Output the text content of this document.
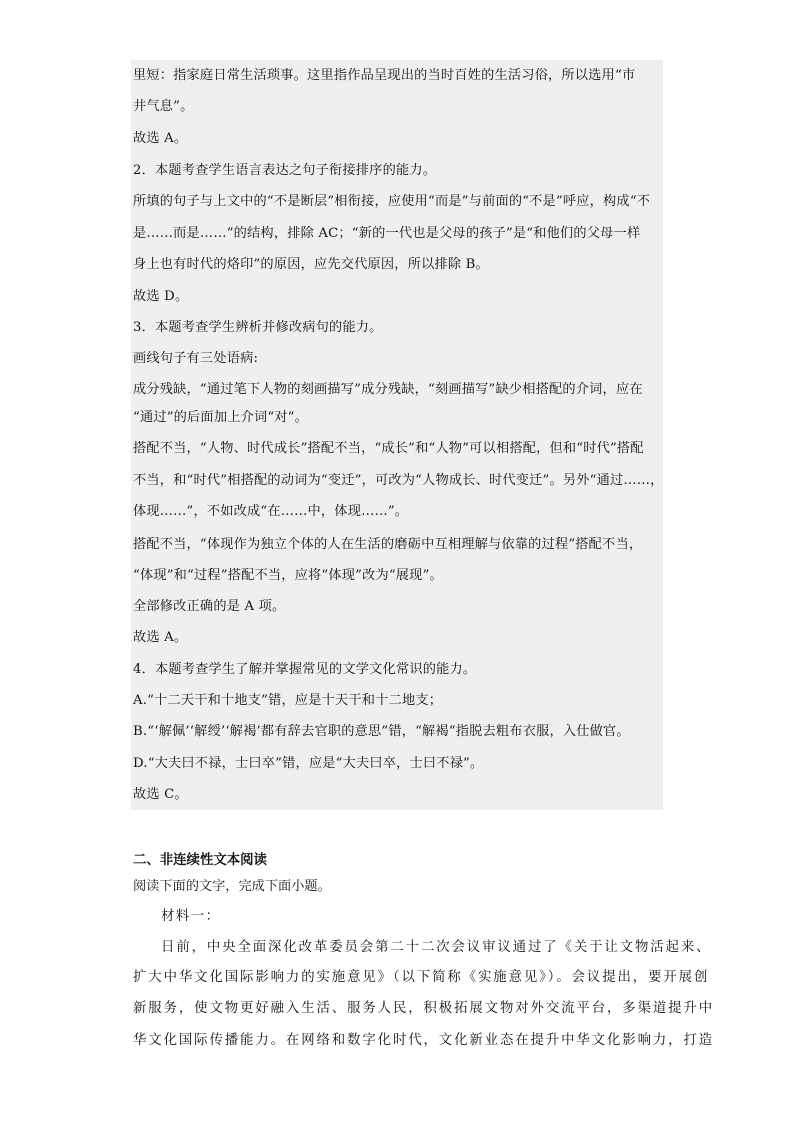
里短：指家庭日常生活琐事。这里指作品呈现出的当时百姓的生活习俗，所以选用“市
井气息”。
故选 A。
2．本题考查学生语言表达之句子衔接排序的能力。
所填的句子与上文中的“不是断层”相衔接，应使用“而是”与前面的“不是”呼应，构成“不
是……而是……”的结构，排除 AC；“新的一代也是父母的孩子”是“和他们的父母一样
身上也有时代的烙印”的原因，应先交代原因，所以排除 B。
故选 D。
3．本题考查学生辨析并修改病句的能力。
画线句子有三处语病:
成分残缺，“通过笔下人物的刻画描写”成分残缺，“刻画描写”缺少相搭配的介词，应在
“通过”的后面加上介词“对”。
搭配不当，“人物、时代成长”搭配不当，“成长”和“人物”可以相搭配，但和“时代”搭配
不当，和“时代”相搭配的动词为“变迁”，可改为“人物成长、时代变迁”。另外“通过……，
体现……”，不如改成“在……中，体现……”。
搭配不当，“体现作为独立个体的人在生活的磨砺中互相理解与依靠的过程”搭配不当，
“体现”和“过程”搭配不当，应将“体现”改为“展现”。
全部修改正确的是 A 项。
故选 A。
4．本题考查学生了解并掌握常见的文学文化常识的能力。
A.“十二天干和十地支”错，应是十天干和十二地支；
B.“‘解佩’‘解绶’‘解褐’都有辞去官职的意思”错，“解褐”指脱去粗布衣服，入仕做官。
D.“大夫曰不禄，士曰卒”错，应是“大夫曰卒，士曰不禄”。
故选 C。
二、非连续性文本阅读
阅读下面的文字，完成下面小题。
材料一：
日前，中央全面深化改革委员会第二十二次会议审议通过了《关于让文物活起来、
扩大中华文化国际影响力的实施意见》（以下简称《实施意见》）。会议提出，要开展创
新服务，使文物更好融入生活、服务人民，积极拓展文物对外交流平台，多渠道提升中
华文化国际传播能力。在网络和数字化时代，文化新业态在提升中华文化影响力，打造
